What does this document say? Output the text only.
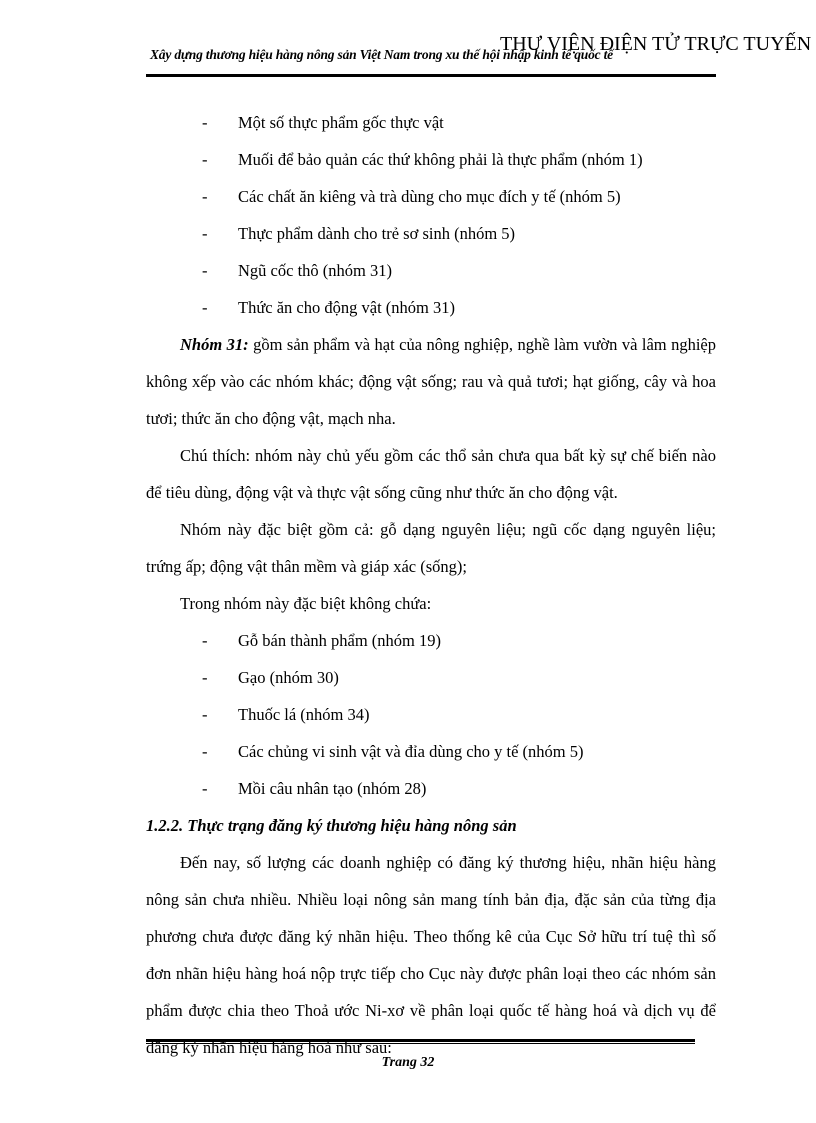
Xây dựng thương hiệu hàng nông sản Việt Nam trong xu thế hội nhập kinh tế quốc tế
THƯ VIỆN ĐIỆN TỬ TRỰC TUYẾN
- Một số thực phẩm gốc thực vật
- Muối để bảo quản các thứ không phải là thực phẩm (nhóm 1)
- Các chất ăn kiêng và trà dùng cho mục đích y tế (nhóm 5)
- Thực phẩm dành cho trẻ sơ sinh (nhóm 5)
- Ngũ cốc thô (nhóm 31)
- Thức ăn cho động vật (nhóm 31)

Nhóm 31: gồm sản phẩm và hạt của nông nghiệp, nghề làm vườn và lâm nghiệp không xếp vào các nhóm khác; động vật sống; rau và quả tươi; hạt giống, cây và hoa tươi; thức ăn cho động vật, mạch nha.

Chú thích: nhóm này chủ yếu gồm các thổ sản chưa qua bất kỳ sự chế biến nào để tiêu dùng, động vật và thực vật sống cũng như thức ăn cho động vật.

Nhóm này đặc biệt gồm cả: gỗ dạng nguyên liệu; ngũ cốc dạng nguyên liệu; trứng ấp; động vật thân mềm và giáp xác (sống);

Trong nhóm này đặc biệt không chứa:

- Gỗ bán thành phẩm (nhóm 19)
- Gạo (nhóm 30)
- Thuốc lá (nhóm 34)
- Các chủng vi sinh vật và đỉa dùng cho y tế (nhóm 5)
- Mồi câu nhân tạo (nhóm 28)

1.2.2. Thực trạng đăng ký thương hiệu hàng nông sản

Đến nay, số lượng các doanh nghiệp có đăng ký thương hiệu, nhãn hiệu hàng nông sản chưa nhiều. Nhiều loại nông sản mang tính bản địa, đặc sản của từng địa phương chưa được đăng ký nhãn hiệu. Theo thống kê của Cục Sở hữu trí tuệ thì số đơn nhãn hiệu hàng hoá nộp trực tiếp cho Cục này được phân loại theo các nhóm sản phẩm được chia theo Thoả ước Ni-xơ về phân loại quốc tế hàng hoá và dịch vụ để đăng ký nhãn hiệu hàng hoá như sau:

Trang 32
